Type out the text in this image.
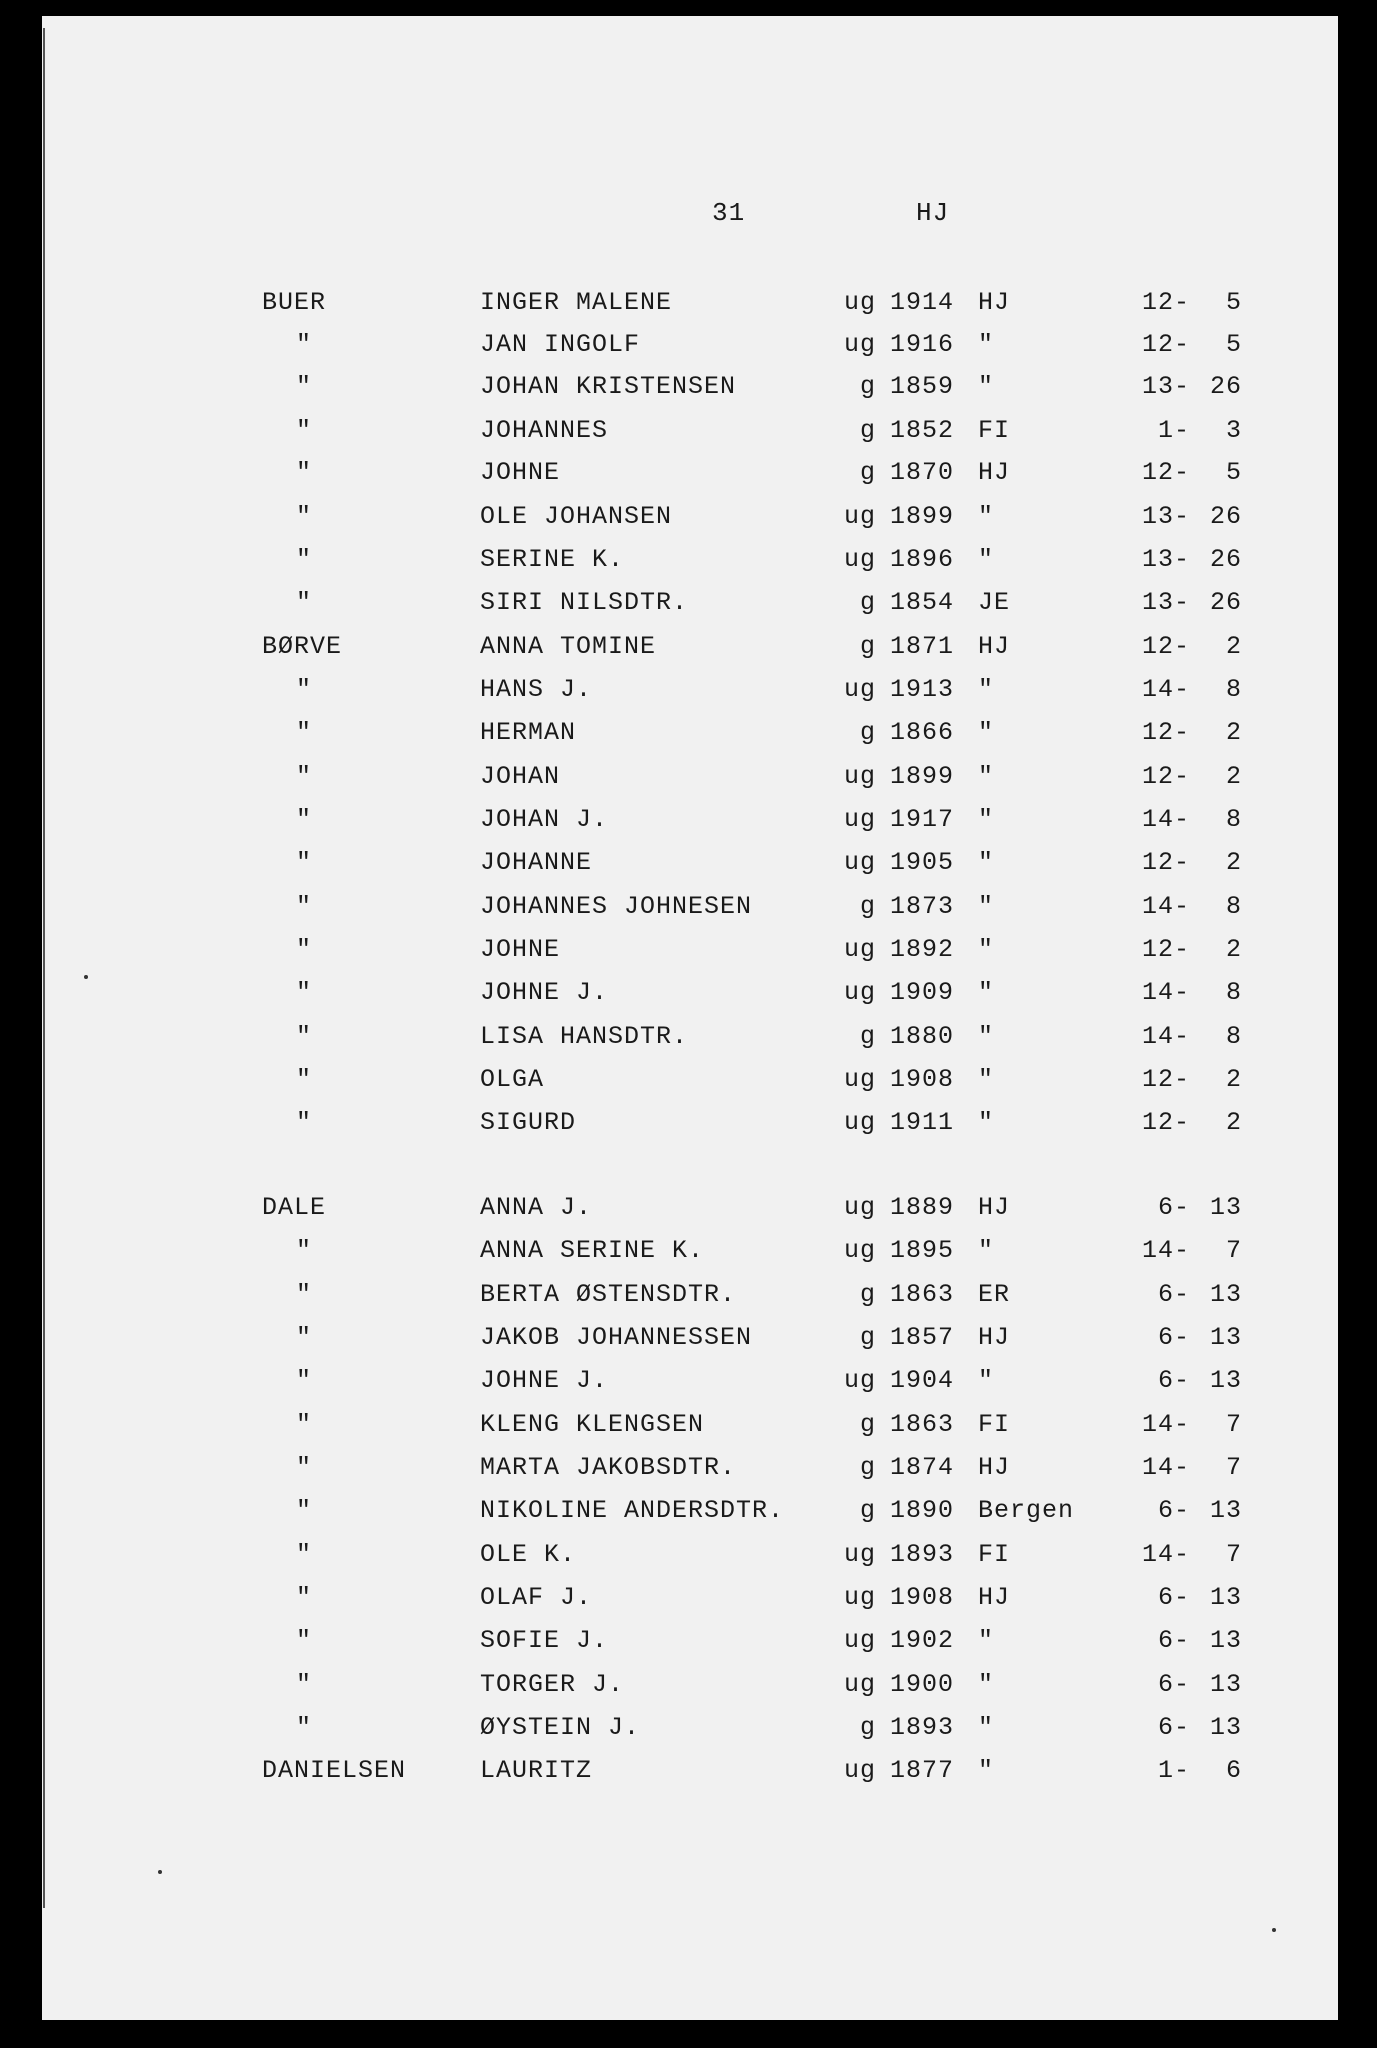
31	HJ
BUER	INGER MALENE	ug 1914 HJ	12-	5
"	JAN INGOLF	ug 1916 "	12-	5
"	JOHAN KRISTENSEN	g 1859 "	13- 26
"	JOHANNES	g 1852 FI	1-	3
"	JOHNE	g 1870 HJ	12-	5
"	OLE JOHANSEN	ug 1899 "	13- 26
"	SERINE K.	ug 1896 "	13- 26
"	SIRI NILSDTR.	g 1854 JE	13- 26
BØRVE	ANNA TOMINE	g 1871 HJ	12-	2
"	HANS J.	ug 1913 "	14-	8
"	HERMAN	g 1866 "	12-	2
"	JOHAN	ug 1899 "	12-	2
"	JOHAN J.	ug 1917 "	14-	8
"	JOHANNE	ug 1905 "	12-	2
"	JOHANNES JOHNESEN	g 1873 "	14-	8
"	JOHNE	ug 1892 "	12-	2
"	JOHNE J.	ug 1909 "	14-	8
"	LISA HANSDTR.	g 1880 "	14-	8
"	OLGA	ug 1908 "	12-	2
"	SIGURD	ug 1911 "	12-	2
DALE	ANNA J.	ug 1889 HJ	6- 13
"	ANNA SERINE K.	ug 1895 "	14-	7
"	BERTA ØSTENSDTR.	g 1863 ER	6- 13
"	JAKOB JOHANNESSEN	g 1857 HJ	6- 13
"	JOHNE J.	ug 1904 "	6- 13
"	KLENG KLENGSEN	g 1863 FI	14-	7
"	MARTA JAKOBSDTR.	g 1874 HJ	14-	7
"	NIKOLINE ANDERSDTR.	g 1890 Bergen	6- 13
"	OLE K.	ug 1893 FI	14-	7
"	OLAF J.	ug 1908 HJ	6- 13
"	SOFIE J.	ug 1902 "	6- 13
"	TORGER J.	ug 1900 "	6- 13
"	ØYSTEIN J.	g 1893 "	6- 13
DANIELSEN	LAURITZ	ug 1877 "	1-	6
